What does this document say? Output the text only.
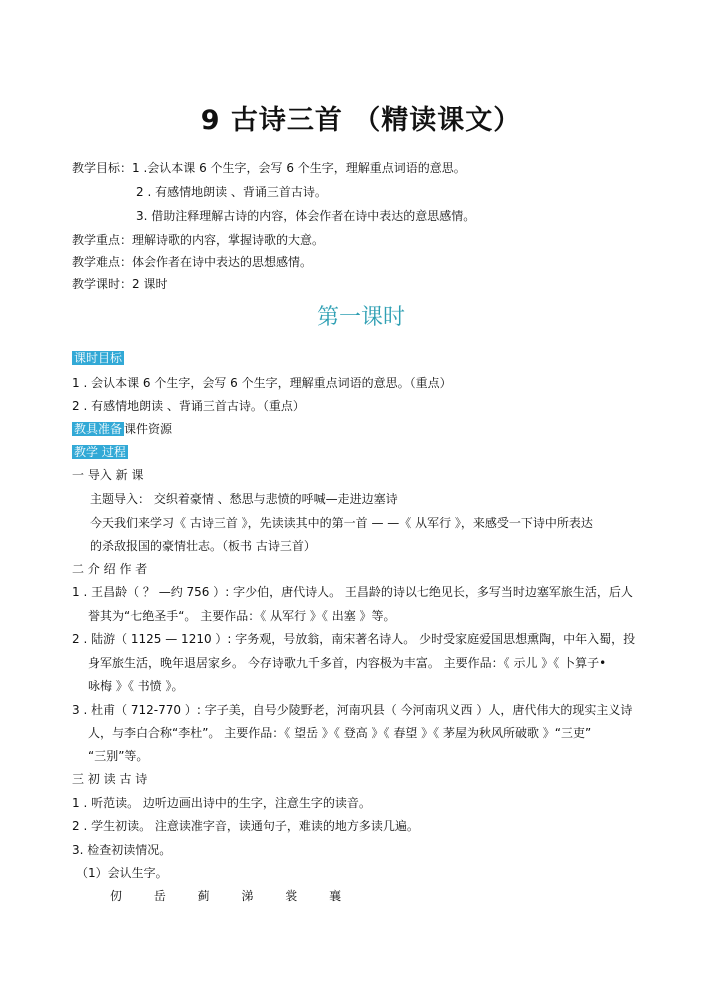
9 古诗三首 （精读课文）
教学目标：1 .会认本课 6 个生字，会写 6 个生字，理解重点词语的意思。
2 . 有感情地朗读 、背诵三首古诗。
3. 借助注释理解古诗的内容，体会作者在诗中表达的意思感情。
教学重点：理解诗歌的内容，掌握诗歌的大意。
教学难点：体会作者在诗中表达的思想感情。
教学课时：2 课时
第一课时
课时目标
1 . 会认本课 6 个生字，会写 6 个生字，理解重点词语的意思。（重点）
2 . 有感情地朗读 、背诵三首古诗。（重点）
教具准备 课件资源
教学 过程
一 导入 新 课
主题导入： 交织着豪情 、愁思与悲愤的呼喊—走进边塞诗
今天我们来学习《 古诗三首 》，先读读其中的第一首 — —《 从军行 》，来感受一下诗中所表达
的杀敌报国的豪情壮志。（板书 古诗三首）
二 介 绍 作 者
1 . 王昌龄（ ？ —约 756 ）: 字少伯，唐代诗人。 王昌龄的诗以七绝见长，多写当时边塞军旅生活，后人
誉其为“七绝圣手“。 主要作品：《 从军行 》《 出塞 》等。
2 . 陆游（ 1125 — 1210 ）: 字务观，号放翁，南宋著名诗人。 少时受家庭爱国思想熏陶，中年入蜀，投
身军旅生活，晚年退居家乡。 今存诗歌九千多首，内容极为丰富。 主要作品：《 示儿 》《 卜算子•
咏梅 》《 书愤 》。
3 . 杜甫（ 712-770 ）: 字子美，自号少陵野老，河南巩县（ 今河南巩义西 ）人，唐代伟大的现实主义诗
人，与李白合称“李杜”。 主要作品：《 望岳 》《 登高 》《 春望 》《 茅屋为秋风所破歌 》“三吏”
“三别”等。
三 初 读 古 诗
1 . 听范读。 边听边画出诗中的生字，注意生字的读音。
2 . 学生初读。 注意读准字音，读通句子，难读的地方多读几遍。
3. 检查初读情况。
（1）会认生字。
仞 岳 蓟 涕 裳 襄
